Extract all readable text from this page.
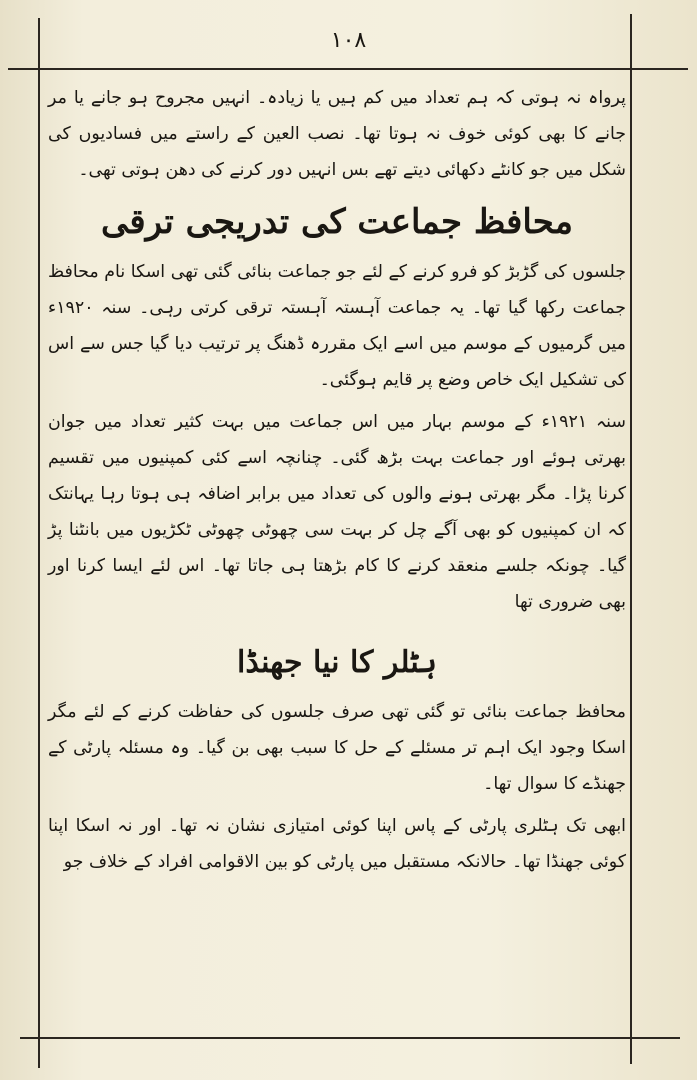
۱۰۸

پرواہ نہ ہوتی کہ ہم تعداد میں کم ہیں یا زیادہ۔ انہیں مجروح ہو جانے یا مر جانے کا بھی کوئی خوف نہ ہوتا تھا۔ نصب العین کے راستے میں فسادیوں کی شکل میں جو کانٹے دکھائی دیتے تھے بس انہیں دور کرنے کی دھن ہوتی تھی۔

محافظ جماعت کی تدریجی ترقی

جلسوں کی گڑبڑ کو فرو کرنے کے لئے جو جماعت بنائی گئی تھی اسکا نام محافظ جماعت رکھا گیا تھا۔ یہ جماعت آہستہ آہستہ ترقی کرتی رہی۔ سنہ ۱۹۲۰ء میں گرمیوں کے موسم میں اسے ایک مقررہ ڈھنگ پر ترتیب دیا گیا جس سے اس کی تشکیل ایک خاص وضع پر قایم ہوگئی۔

سنہ ۱۹۲۱ء کے موسم بہار میں اس جماعت میں بہت کثیر تعداد میں جوان بھرتی ہوئے اور جماعت بہت بڑھ گئی۔ چنانچہ اسے کئی کمپنیوں میں تقسیم کرنا پڑا۔ مگر بھرتی ہونے والوں کی تعداد میں برابر اضافہ ہی ہوتا رہا یہانتک کہ ان کمپنیوں کو بھی آگے چل کر بہت سی چھوٹی چھوٹی ٹکڑیوں میں بانٹنا پڑ گیا۔ چونکہ جلسے منعقد کرنے کا کام بڑھتا ہی جاتا تھا۔ اس لئے ایسا کرنا اور بھی ضروری تھا

ہٹلر کا نیا جھنڈا

محافظ جماعت بنائی تو گئی تھی صرف جلسوں کی حفاظت کرنے کے لئے مگر اسکا وجود ایک اہم تر مسئلے کے حل کا سبب بھی بن گیا۔ وہ مسئلہ پارٹی کے جھنڈے کا سوال تھا۔

ابھی تک ہٹلری پارٹی کے پاس اپنا کوئی امتیازی نشان نہ تھا۔ اور نہ اسکا اپنا کوئی جھنڈا تھا۔ حالانکہ مستقبل میں پارٹی کو بین الاقوامی افراد کے خلاف جو
